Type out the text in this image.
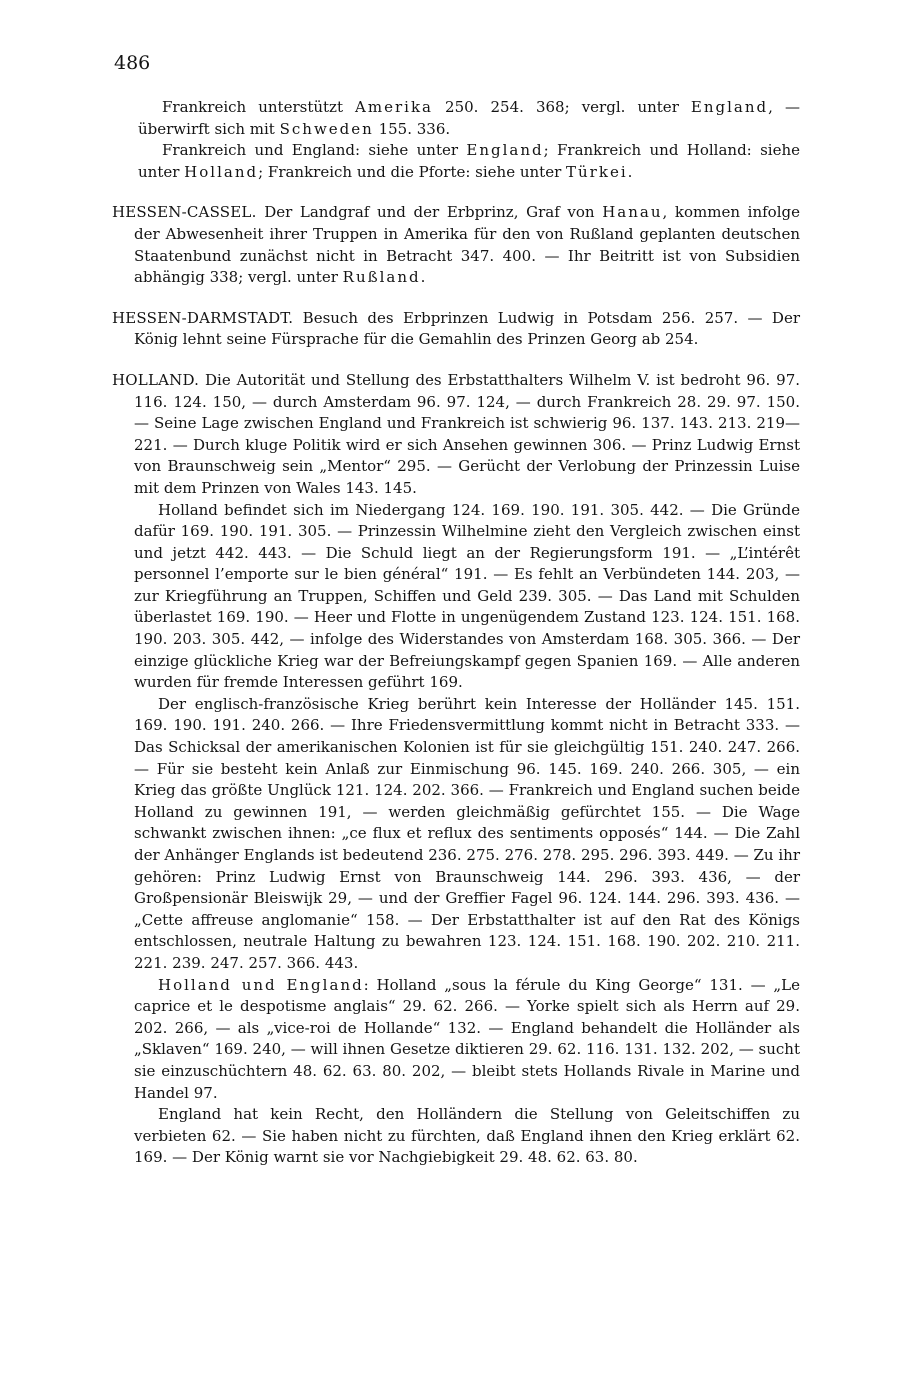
486

Frankreich unterstützt Amerika 250. 254. 368; vergl. unter England, — überwirft sich mit Schweden 155. 336.

Frankreich und England: siehe unter England; Frankreich und Holland: siehe unter Holland; Frankreich und die Pforte: siehe unter Türkei.

HESSEN-CASSEL. Der Landgraf und der Erbprinz, Graf von Hanau, kommen infolge der Abwesenheit ihrer Truppen in Amerika für den von Rußland geplanten deutschen Staatenbund zunächst nicht in Betracht 347. 400. — Ihr Beitritt ist von Subsidien abhängig 338; vergl. unter Rußland.
HESSEN-DARMSTADT. Besuch des Erbprinzen Ludwig in Potsdam 256. 257. — Der König lehnt seine Fürsprache für die Gemahlin des Prinzen Georg ab 254.
HOLLAND. Die Autorität und Stellung des Erbstatthalters Wilhelm V. ist bedroht 96. 97. 116. 124. 150, — durch Amsterdam 96. 97. 124, — durch Frankreich 28. 29. 97. 150. — Seine Lage zwischen England und Frankreich ist schwierig 96. 137. 143. 213. 219—221. — Durch kluge Politik wird er sich Ansehen gewinnen 306. — Prinz Ludwig Ernst von Braunschweig sein „Mentor“ 295. — Gerücht der Verlobung der Prinzessin Luise mit dem Prinzen von Wales 143. 145.

Holland befindet sich im Niedergang 124. 169. 190. 191. 305. 442. — Die Gründe dafür 169. 190. 191. 305. — Prinzessin Wilhelmine zieht den Vergleich zwischen einst und jetzt 442. 443. — Die Schuld liegt an der Regierungsform 191. — „L’intérêt personnel l’emporte sur le bien général“ 191. — Es fehlt an Verbündeten 144. 203, — zur Kriegführung an Truppen, Schiffen und Geld 239. 305. — Das Land mit Schulden überlastet 169. 190. — Heer und Flotte in ungenügendem Zustand 123. 124. 151. 168. 190. 203. 305. 442, — infolge des Widerstandes von Amsterdam 168. 305. 366. — Der einzige glückliche Krieg war der Befreiungskampf gegen Spanien 169. — Alle anderen wurden für fremde Interessen geführt 169.

Der englisch-französische Krieg berührt kein Interesse der Holländer 145. 151. 169. 190. 191. 240. 266. — Ihre Friedensvermittlung kommt nicht in Betracht 333. — Das Schicksal der amerikanischen Kolonien ist für sie gleichgültig 151. 240. 247. 266. — Für sie besteht kein Anlaß zur Einmischung 96. 145. 169. 240. 266. 305, — ein Krieg das größte Unglück 121. 124. 202. 366. — Frankreich und England suchen beide Holland zu gewinnen 191, — werden gleichmäßig gefürchtet 155. — Die Wage schwankt zwischen ihnen: „ce flux et reflux des sentiments opposés“ 144. — Die Zahl der Anhänger Englands ist bedeutend 236. 275. 276. 278. 295. 296. 393. 449. — Zu ihr gehören: Prinz Ludwig Ernst von Braunschweig 144. 296. 393. 436, — der Großpensionär Bleiswijk 29, — und der Greffier Fagel 96. 124. 144. 296. 393. 436. — „Cette affreuse anglomanie“ 158. — Der Erbstatthalter ist auf den Rat des Königs entschlossen, neutrale Haltung zu bewahren 123. 124. 151. 168. 190. 202. 210. 211. 221. 239. 247. 257. 366. 443.

Holland und England: Holland „sous la férule du King George“ 131. — „Le caprice et le despotisme anglais“ 29. 62. 266. — Yorke spielt sich als Herrn auf 29. 202. 266, — als „vice-roi de Hollande“ 132. — England behandelt die Holländer als „Sklaven“ 169. 240, — will ihnen Gesetze diktieren 29. 62. 116. 131. 132. 202, — sucht sie einzuschüchtern 48. 62. 63. 80. 202, — bleibt stets Hollands Rivale in Marine und Handel 97.

England hat kein Recht, den Holländern die Stellung von Geleitschiffen zu verbieten 62. — Sie haben nicht zu fürchten, daß England ihnen den Krieg erklärt 62. 169. — Der König warnt sie vor Nachgiebigkeit 29. 48. 62. 63. 80.
